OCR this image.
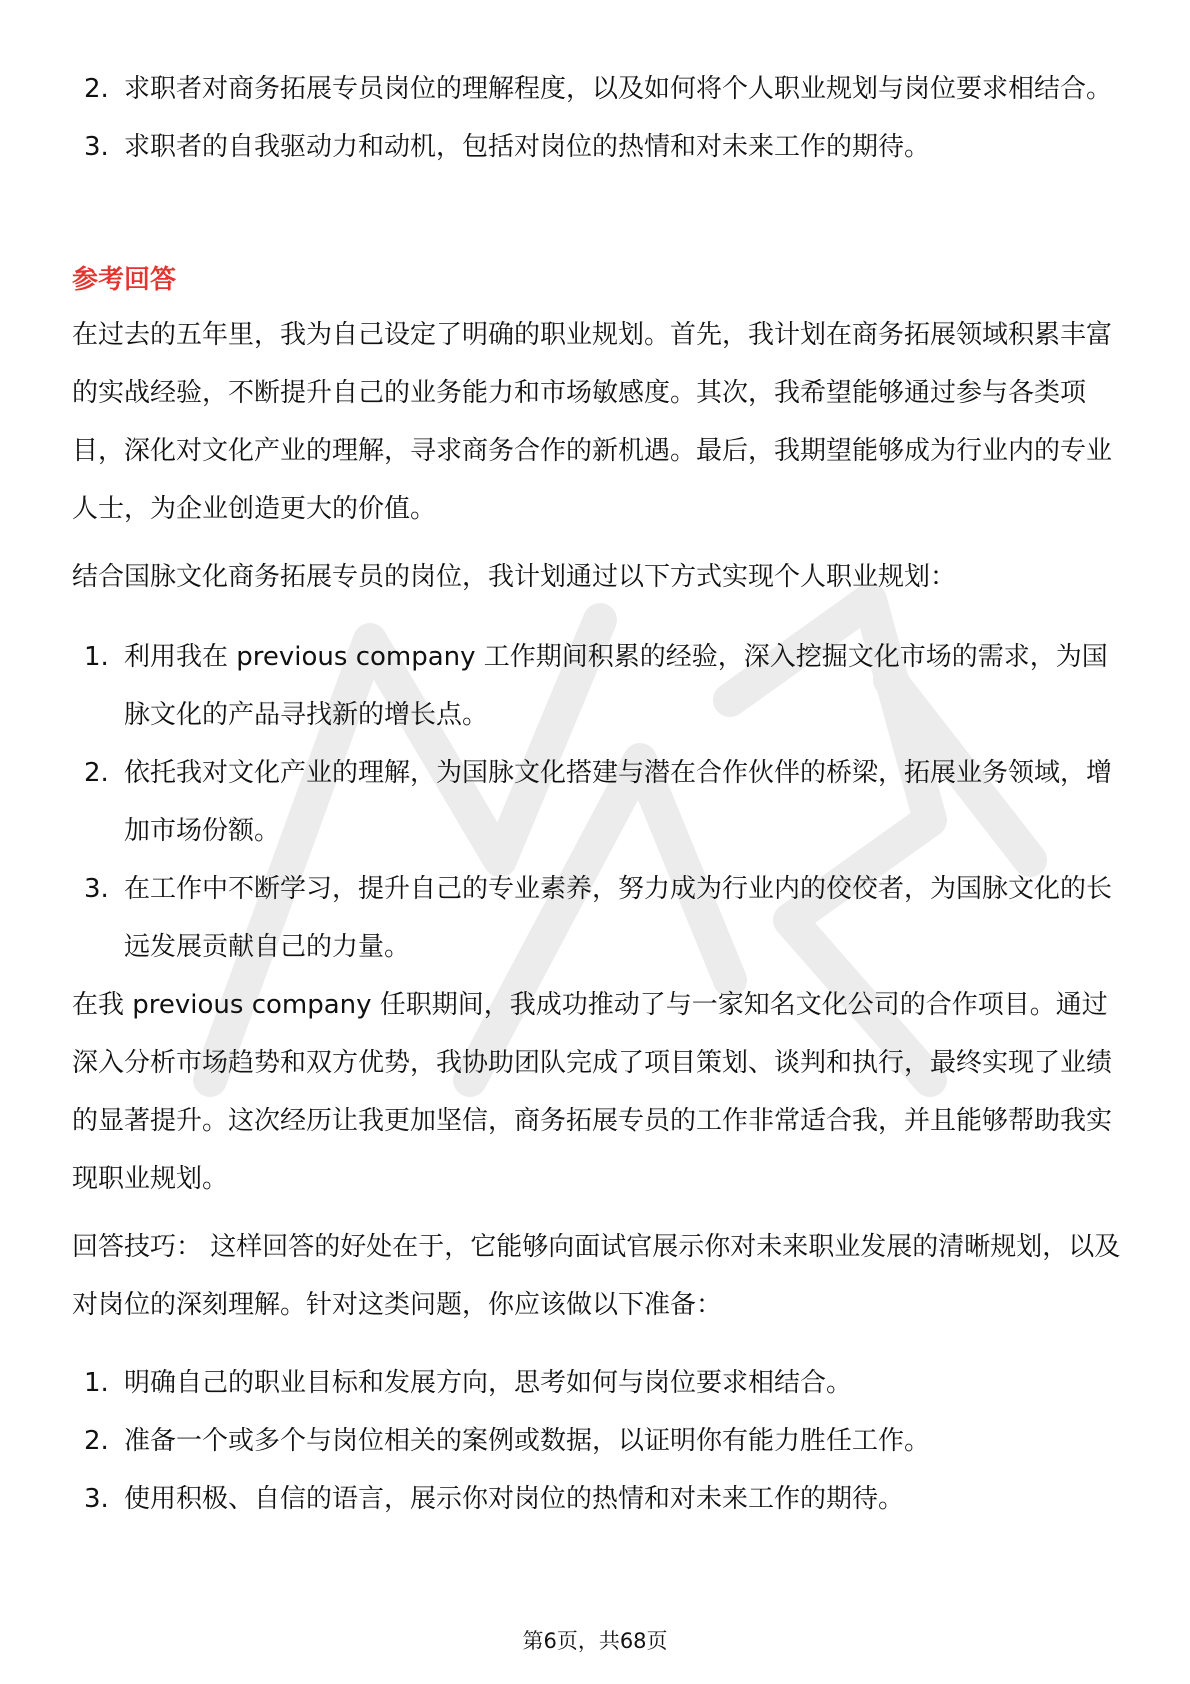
2. 求职者对商务拓展专员岗位的理解程度，以及如何将个人职业规划与岗位要求相结合。
3. 求职者的自我驱动力和动机，包括对岗位的热情和对未来工作的期待。
参考回答

在过去的五年里，我为自己设定了明确的职业规划。首先，我计划在商务拓展领域积累丰富的实战经验，不断提升自己的业务能力和市场敏感度。其次，我希望能够通过参与各类项目，深化对文化产业的理解，寻求商务合作的新机遇。最后，我期望能够成为行业内的专业人士，为企业创造更大的价值。

结合国脉文化商务拓展专员的岗位，我计划通过以下方式实现个人职业规划：

1. 利用我在 previous company 工作期间积累的经验，深入挖掘文化市场的需求，为国脉文化的产品寻找新的增长点。
2. 依托我对文化产业的理解，为国脉文化搭建与潜在合作伙伴的桥梁，拓展业务领域，增加市场份额。
3. 在工作中不断学习，提升自己的专业素养，努力成为行业内的佼佼者，为国脉文化的长远发展贡献自己的力量。

在我 previous company 任职期间，我成功推动了与一家知名文化公司的合作项目。通过深入分析市场趋势和双方优势，我协助团队完成了项目策划、谈判和执行，最终实现了业绩的显著提升。这次经历让我更加坚信，商务拓展专员的工作非常适合我，并且能够帮助我实现职业规划。

回答技巧： 这样回答的好处在于，它能够向面试官展示你对未来职业发展的清晰规划，以及对岗位的深刻理解。针对这类问题，你应该做以下准备：

1. 明确自己的职业目标和发展方向，思考如何与岗位要求相结合。
2. 准备一个或多个与岗位相关的案例或数据，以证明你有能力胜任工作。
3. 使用积极、自信的语言，展示你对岗位的热情和对未来工作的期待。
第6页，共68页
